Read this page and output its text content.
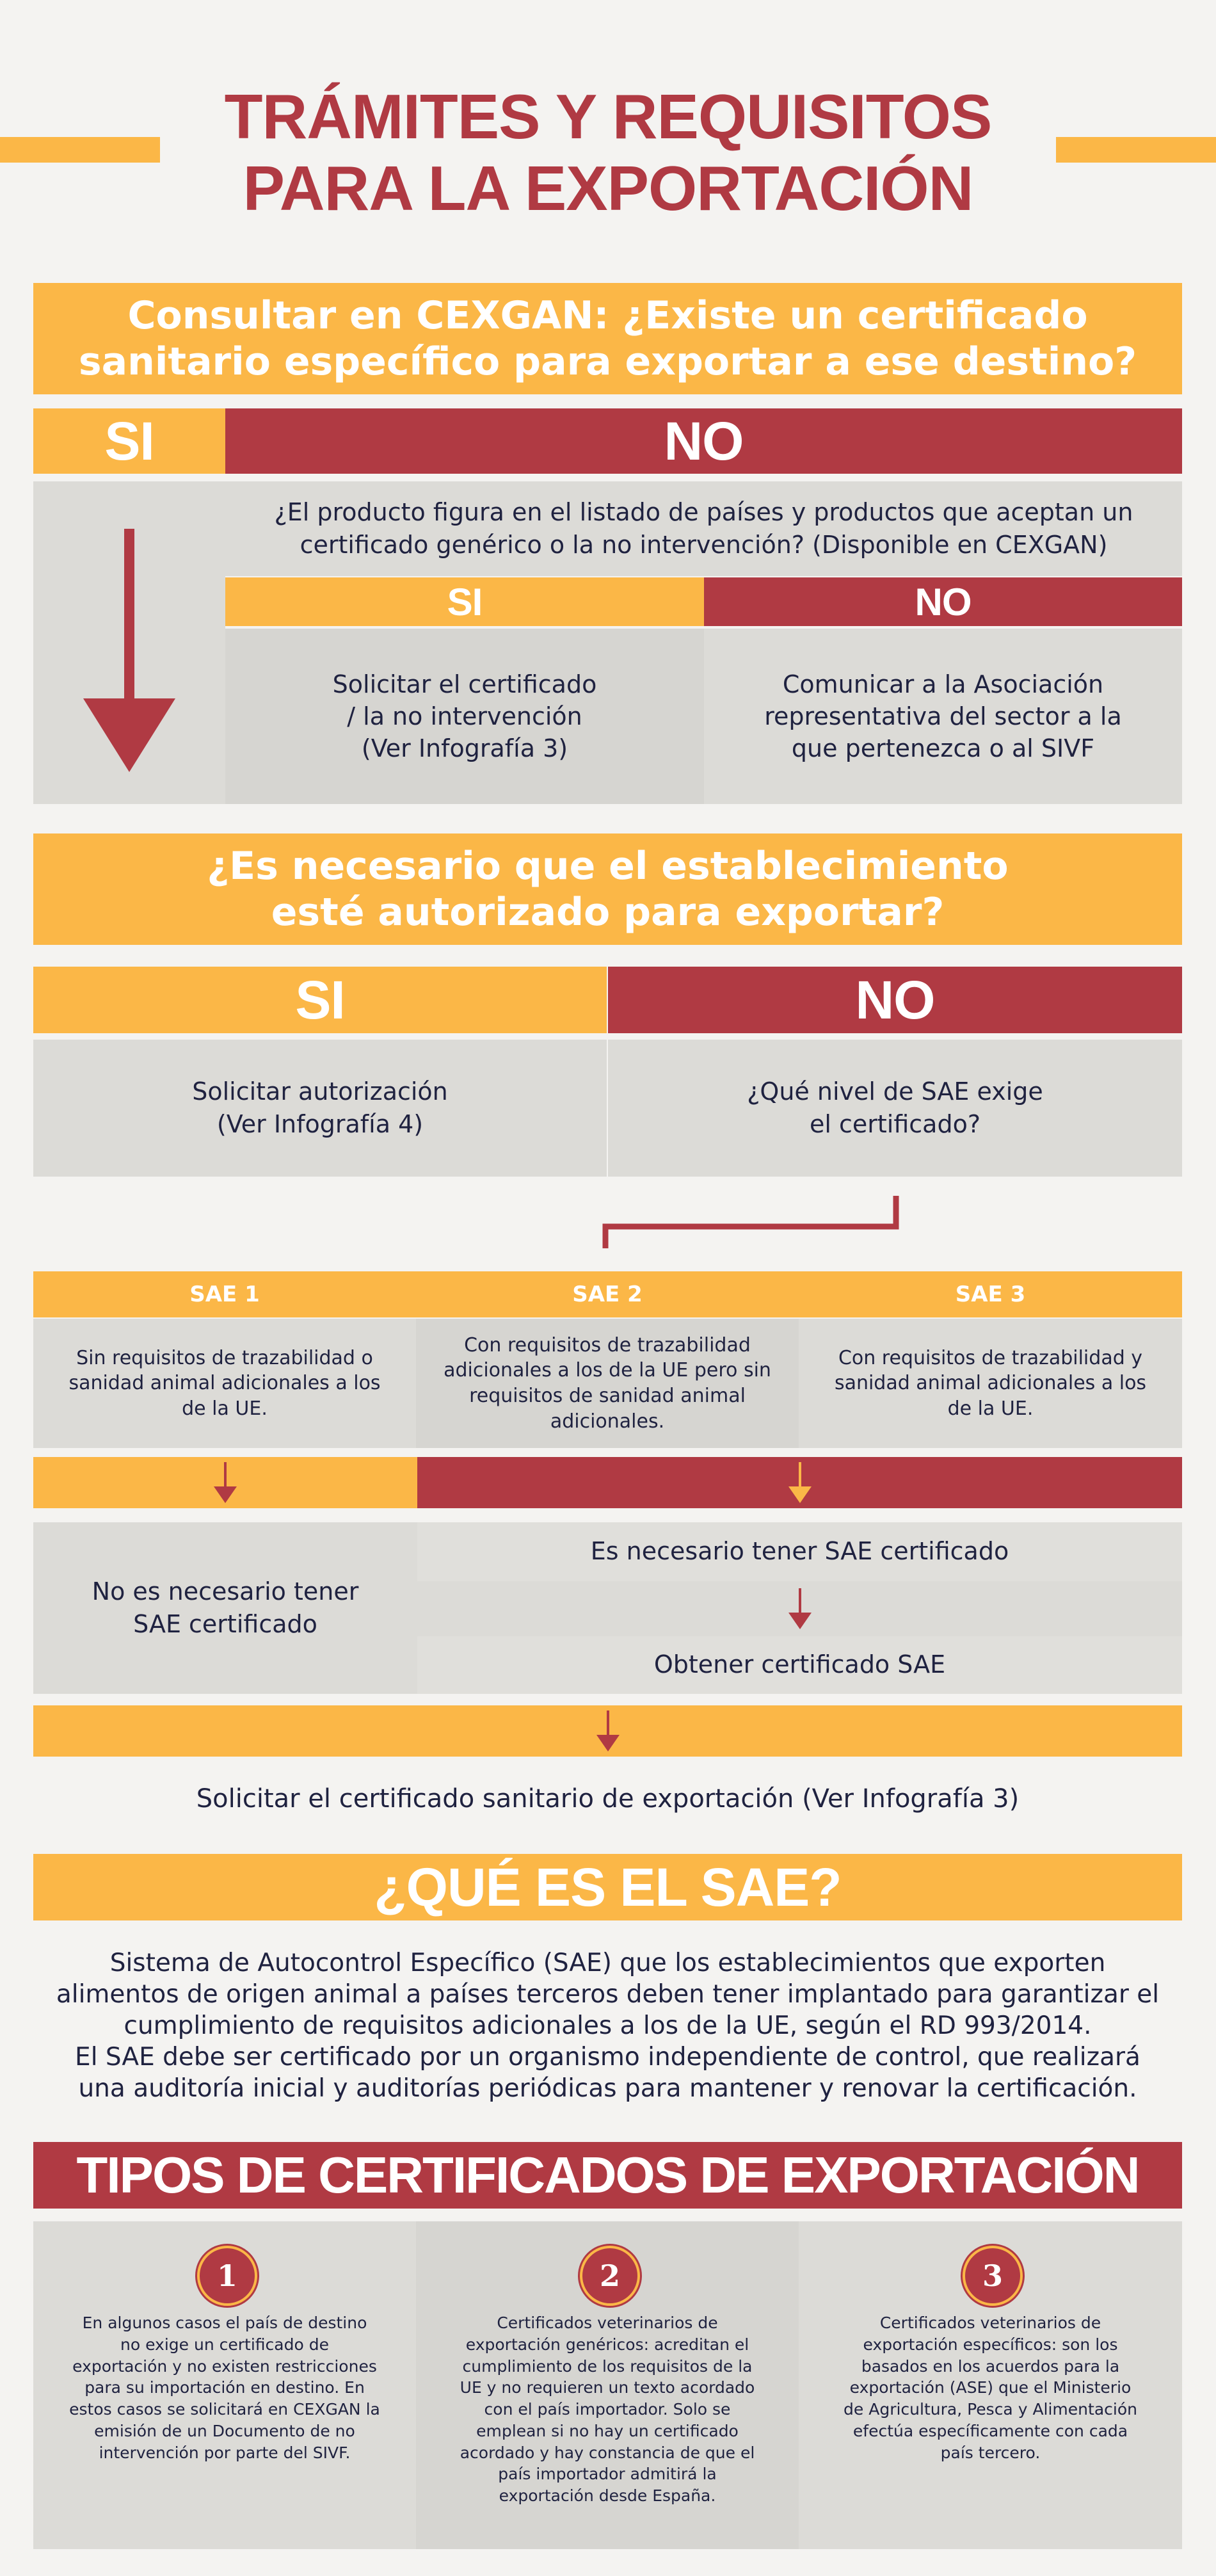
TRÁMITES Y REQUISITOS
PARA LA EXPORTACIÓN
Consultar en CEXGAN: ¿Existe un certificado
sanitario específico para exportar a ese destino?
SI	NO
¿El producto figura en el listado de países y productos que aceptan un
certificado genérico o la no intervención? (Disponible en CEXGAN)
SI	NO
Solicitar el certificado
/ la no intervención
(Ver Infografía 3)
Comunicar a la Asociación
representativa del sector a la
que pertenezca o al SIVF
¿Es necesario que el establecimiento
esté autorizado para exportar?
SI	NO
Solicitar autorización
(Ver Infografía 4)
¿Qué nivel de SAE exige
el certificado?
SAE 1	SAE 2	SAE 3
Sin requisitos de trazabilidad o
sanidad animal adicionales a los
de la UE.
Con requisitos de trazabilidad
adicionales a los de la UE pero sin
requisitos de sanidad animal adicionales.
Con requisitos de trazabilidad y
sanidad animal adicionales a los
de la UE.
No es necesario tener
SAE certificado
Es necesario tener SAE certificado
Obtener certificado SAE
Solicitar el certificado sanitario de exportación (Ver Infografía 3)
¿QUÉ ES EL SAE?
Sistema de Autocontrol Específico (SAE) que los establecimientos que exporten
alimentos de origen animal a países terceros deben tener implantado para garantizar el
cumplimiento de requisitos adicionales a los de la UE, según el RD 993/2014.
El SAE debe ser certificado por un organismo independiente de control, que realizará
una auditoría inicial y auditorías periódicas para mantener y renovar la certificación.
TIPOS DE CERTIFICADOS DE EXPORTACIÓN
1
En algunos casos el país de destino
no exige un certificado de
exportación y no existen restricciones
para su importación en destino. En
estos casos se solicitará en CEXGAN la
emisión de un Documento de no
intervención por parte del SIVF.
2
Certificados veterinarios de
exportación genéricos: acreditan el
cumplimiento de los requisitos de la
UE y no requieren un texto acordado
con el país importador. Solo se
emplean si no hay un certificado
acordado y hay constancia de que el
país importador admitirá la
exportación desde España.
3
Certificados veterinarios de
exportación específicos: son los
basados en los acuerdos para la
exportación (ASE) que el Ministerio
de Agricultura, Pesca y Alimentación
efectúa específicamente con cada
país tercero.
